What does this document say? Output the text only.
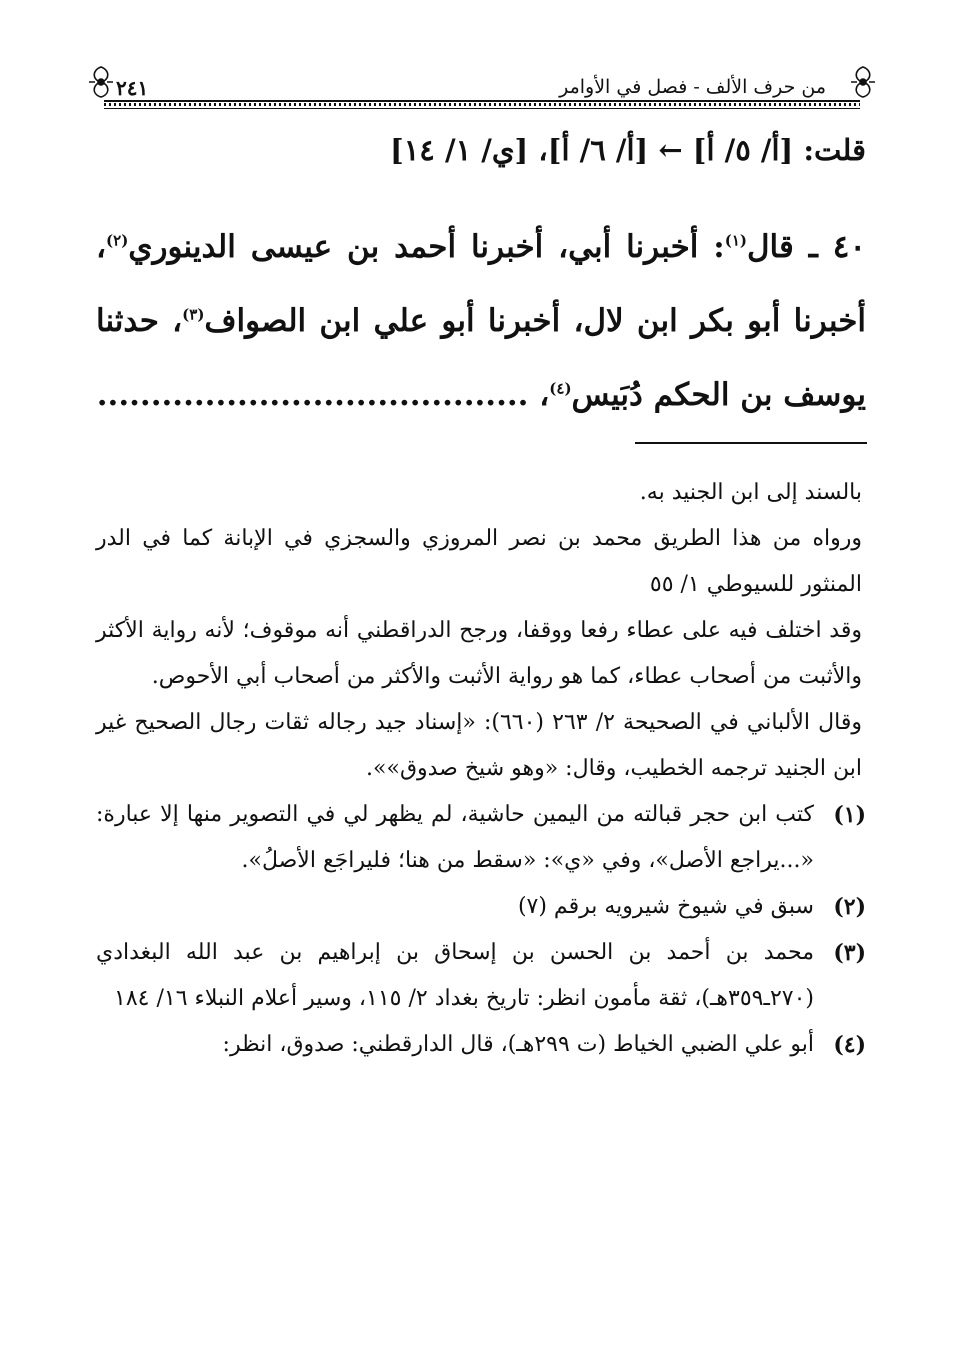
من حرف الألف - فصل في الأوامر
٢٤١

قلت: [أ/ ٥/ أ] ← [أ/ ٦/ أ]، [ي/ ١/ ١٤]

٤٠ ـ قال$^{(١)}$: أخبرنا أبي، أخبرنا أحمد بن عيسى الدينوري$^{(٢)}$،
أخبرنا أبو بكر ابن لال، أخبرنا أبو علي ابن الصواف$^{(٣)}$، حدثنا
يوسف بن الحكم دُبَيس$^{(٤)}$، ........................................

بالسند إلى ابن الجنيد به.

ورواه من هذا الطريق محمد بن نصر المروزي والسجزي في الإبانة كما في الدر المنثور للسيوطي ١/ ٥٥

وقد اختلف فيه على عطاء رفعا ووقفا، ورجح الدراقطني أنه موقوف؛ لأنه رواية الأكثر والأثبت من أصحاب عطاء، كما هو رواية الأثبت والأكثر من أصحاب أبي الأحوص.

وقال الألباني في الصحيحة ٢/ ٢٦٣ (٦٦٠): «إسناد جيد رجاله ثقات رجال الصحيح غير ابن الجنيد ترجمه الخطيب، وقال: «وهو شيخ صدوق»».

(١)
كتب ابن حجر قبالته من اليمين حاشية، لم يظهر لي في التصوير منها إلا عبارة: «...يراجع الأصل»، وفي «ي»: «سقط من هنا؛ فليراجَع الأصلُ».
(٢)
سبق في شيوخ شيرويه برقم (٧)
(٣)
محمد بن أحمد بن الحسن بن إسحاق بن إبراهيم بن عبد الله البغدادي (٢٧٠ـ٣٥٩هـ)، ثقة مأمون انظر: تاريخ بغداد ٢/ ١١٥، وسير أعلام النبلاء ١٦/ ١٨٤
(٤)
أبو علي الضبي الخياط (ت ٢٩٩هـ)، قال الدارقطني: صدوق، انظر:
